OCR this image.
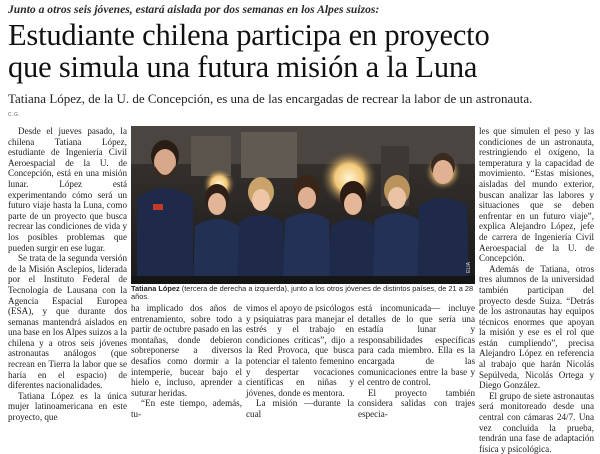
Junto a otros seis jóvenes, estará aislada por dos semanas en los Alpes suizos:
Estudiante chilena participa en proyecto
que simula una futura misión a la Luna
Tatiana López, de la U. de Concepción, es una de las encargadas de recrear la labor de un astronauta.
C.G.

Desde el jueves pasado, la chilena Tatiana López, estudiante de Ingeniería Civil Aeroespacial de la U. de Concepción, está en una misión lunar. López está experimentando cómo será un futuro viaje hasta la Luna, como parte de un proyecto que busca recrear las condiciones de vida y los posibles problemas que pueden surgir en ese lugar.

Se trata de la segunda versión de la Misión Asclepios, liderada por el Instituto Federal de Tecnología de Lausana con la Agencia Espacial Europea (ESA), y que durante dos semanas mantendrá aislados en una base en los Alpes suizos a la chilena y a otros seis jóvenes astronautas análogos (que recrean en Tierra la labor que se haría en el espacio) de diferentes nacionalidades.

Tatiana López es la única mujer latinoamericana en este proyecto, que

ELIA
Tatiana López (tercera de derecha a izquierda), junto a los otros jóvenes de distintos países, de 21 a 28 años.

ha implicado dos años de entrenamiento, sobre todo a partir de octubre pasado en las montañas, donde debieron sobreponerse a diversos desafíos como dormir a la intemperie, bucear bajo el hielo e, incluso, aprender a suturar heridas.

“En este tiempo, además, tu-

vimos el apoyo de psicólogos y psiquiatras para manejar el estrés y el trabajo en condiciones críticas”, dijo a la Red Provoca, que busca potenciar el talento femenino y despertar vocaciones científicas en niñas y jóvenes, donde es mentora.

La misión —durante la cual

está incomunicada— incluye detalles de lo que sería una estadía lunar y responsabilidades específicas para cada miembro. Ella es la encargada de las comunicaciones entre la base y el centro de control.

El proyecto también considera salidas con trajes especia-

les que simulen el peso y las condiciones de un astronauta, restringiendo el oxígeno, la temperatura y la capacidad de movimiento. “Estas misiones, aisladas del mundo exterior, buscan analizar las labores y situaciones que se deben enfrentar en un futuro viaje”, explica Alejandro López, jefe de carrera de Ingeniería Civil Aeroespacial de la U. de Concepción.

Además de Tatiana, otros tres alumnos de la universidad también participan del proyecto desde Suiza. “Detrás de los astronautas hay equipos técnicos enormes que apoyan la misión y ese es el rol que están cumpliendo”, precisa Alejandro López en referencia al trabajo que harán Nicolás Sepúlveda, Nicolás Ortega y Diego González.

El grupo de siete astronautas será monitoreado desde una central con cámaras 24/7. Una vez concluida la prueba, tendrán una fase de adaptación física y psicológica.
